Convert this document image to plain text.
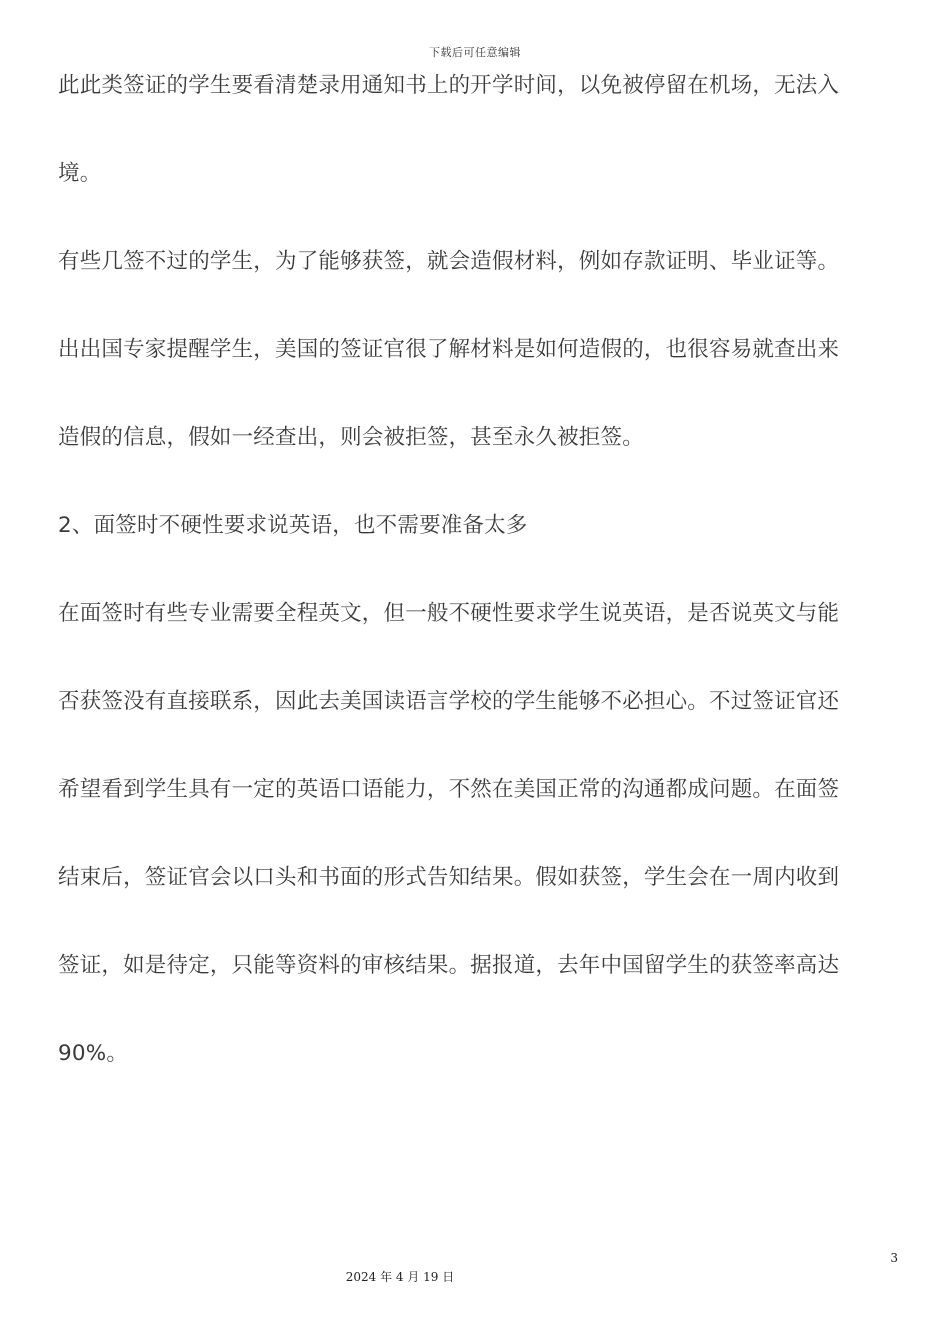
下载后可任意编辑
此此类签证的学生要看清楚录用通知书上的开学时间，以免被停留在机场，无法入
境。
有些几签不过的学生，为了能够获签，就会造假材料，例如存款证明、毕业证等。
出出国专家提醒学生，美国的签证官很了解材料是如何造假的，也很容易就查出来
造假的信息，假如一经查出，则会被拒签，甚至永久被拒签。
2、面签时不硬性要求说英语，也不需要准备太多
在面签时有些专业需要全程英文，但一般不硬性要求学生说英语，是否说英文与能
否获签没有直接联系，因此去美国读语言学校的学生能够不必担心。不过签证官还
希望看到学生具有一定的英语口语能力，不然在美国正常的沟通都成问题。在面签
结束后，签证官会以口头和书面的形式告知结果。假如获签，学生会在一周内收到
签证，如是待定，只能等资料的审核结果。据报道，去年中国留学生的获签率高达
90%。
3
2024 年 4 月 19 日
